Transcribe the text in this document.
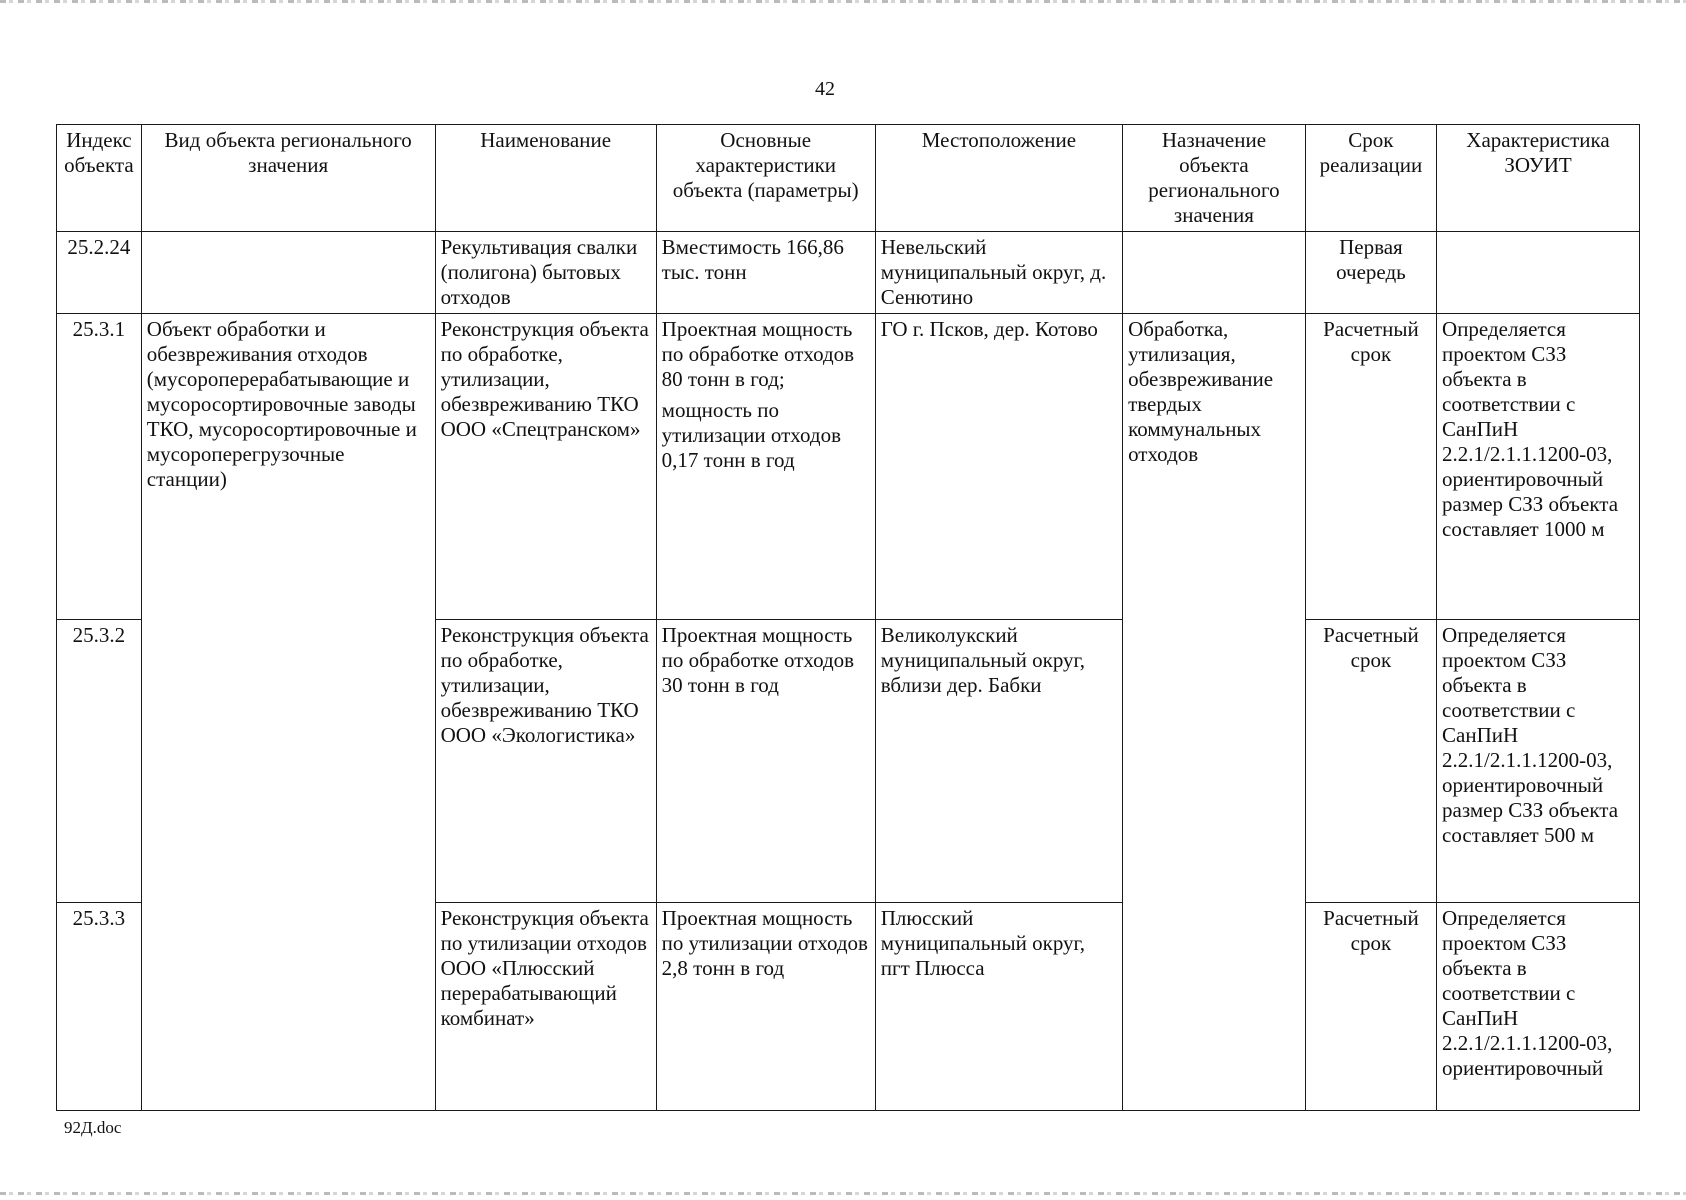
42
Индекс объекта	Вид объекта регионального значения	Наименование	Основные характеристики объекта (параметры)	Местоположение	Назначение объекта регионального значения	Срок реализации	Характеристика ЗОУИТ
25.2.24		Рекультивация свалки (полигона) бытовых отходов	Вместимость 166,86 тыс. тонн	Невельский муниципальный округ, д. Сенютино		Первая очередь	
25.3.1	Объект обработки и обезвреживания отходов (мусороперерабатывающие и мусоросортировочные заводы ТКО, мусоросортировочные и мусороперегрузочные станции)	Реконструкция объекта по обработке, утилизации, обезвреживанию ТКО ООО «Спецтранском»	Проектная мощность по обработке отходов 80 тонн в год;
мощность по утилизации отходов 0,17 тонн в год	ГО г. Псков, дер. Котово	Обработка, утилизация, обезвреживание твердых коммунальных отходов	Расчетный срок	Определяется проектом СЗЗ объекта в соответствии с СанПиН 2.2.1/2.1.1.1200-03, ориентировочный размер СЗЗ объекта составляет 1000 м
25.3.2		Реконструкция объекта по обработке, утилизации, обезвреживанию ТКО ООО «Экологистика»	Проектная мощность по обработке отходов 30 тонн в год	Великолукский муниципальный округ, вблизи дер. Бабки		Расчетный срок	Определяется проектом СЗЗ объекта в соответствии с СанПиН 2.2.1/2.1.1.1200-03, ориентировочный размер СЗЗ объекта составляет 500 м
25.3.3		Реконструкция объекта по утилизации отходов ООО «Плюсский перерабатывающий комбинат»	Проектная мощность по утилизации отходов 2,8 тонн в год	Плюсский муниципальный округ, пгт Плюсса		Расчетный срок	Определяется проектом СЗЗ объекта в соответствии с СанПиН 2.2.1/2.1.1.1200-03, ориентировочный
92Д.doc
